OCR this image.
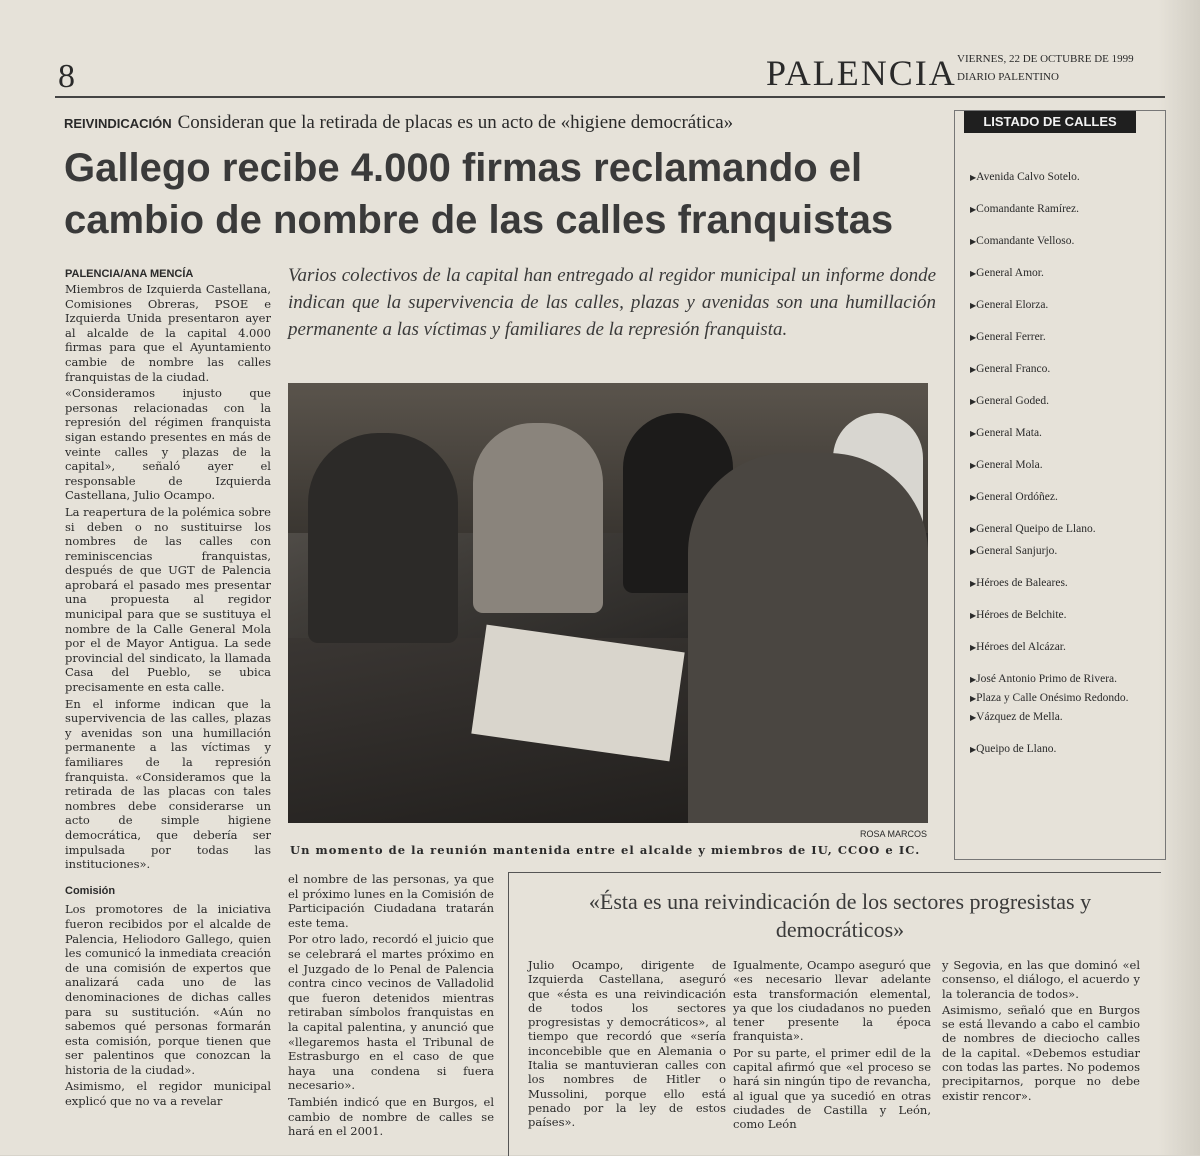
8	PALENCIA VIERNES, 22 DE OCTUBRE DE 1999
DIARIO PALENTINO
REIVINDICACIÓN Consideran que la retirada de placas es un acto de «higiene democrática»
Gallego recibe 4.000 firmas reclamando el cambio de nombre de las calles franquistas
PALENCIA/ANA MENCÍA

Miembros de Izquierda Castellana, Comisiones Obreras, PSOE e Izquierda Unida presentaron ayer al alcalde de la capital 4.000 firmas para que el Ayuntamiento cambie de nombre las calles franquistas de la ciudad.

«Consideramos injusto que personas relacionadas con la represión del régimen franquista sigan estando presentes en más de veinte calles y plazas de la capital», señaló ayer el responsable de Izquierda Castellana, Julio Ocampo.

La reapertura de la polémica sobre si deben o no sustituirse los nombres de las calles con reminiscencias franquistas, después de que UGT de Palencia aprobará el pasado mes presentar una propuesta al regidor municipal para que se sustituya el nombre de la Calle General Mola por el de Mayor Antigua. La sede provincial del sindicato, la llamada Casa del Pueblo, se ubica precisamente en esta calle.

En el informe indican que la supervivencia de las calles, plazas y avenidas son una humillación permanente a las víctimas y familiares de la represión franquista. «Consideramos que la retirada de las placas con tales nombres debe considerarse un acto de simple higiene democrática, que debería ser impulsada por todas las instituciones».

Comisión

Los promotores de la iniciativa fueron recibidos por el alcalde de Palencia, Heliodoro Gallego, quien les comunicó la inmediata creación de una comisión de expertos que analizará cada uno de las denominaciones de dichas calles para su sustitución. «Aún no sabemos qué personas formarán esta comisión, porque tienen que ser palentinos que conozcan la historia de la ciudad».

Asimismo, el regidor municipal explicó que no va a revelar

Varios colectivos de la capital han entregado al regidor municipal un informe donde indican que la supervivencia de las calles, plazas y avenidas son una humillación permanente a las víctimas y familiares de la represión franquista.
ROSA MARCOS
Un momento de la reunión mantenida entre el alcalde y miembros de IU, CCOO e IC.

el nombre de las personas, ya que el próximo lunes en la Comisión de Participación Ciudadana tratarán este tema.

Por otro lado, recordó el juicio que se celebrará el martes próximo en el Juzgado de lo Penal de Palencia contra cinco vecinos de Valladolid que fueron detenidos mientras retiraban símbolos franquistas en la capital palentina, y anunció que «llegaremos hasta el Tribunal de Estrasburgo en el caso de que haya una condena si fuera necesario».

También indicó que en Burgos, el cambio de nombre de calles se hará en el 2001.

LISTADO DE CALLES
▶Avenida Calvo Sotelo.
▶Comandante Ramírez.
▶Comandante Velloso.
▶General Amor.
▶General Elorza.
▶General Ferrer.
▶General Franco.
▶General Goded.
▶General Mata.
▶General Mola.
▶General Ordóñez.
▶General Queipo de Llano.
▶General Sanjurjo.
▶Héroes de Baleares.
▶Héroes de Belchite.
▶Héroes del Alcázar.
▶José Antonio Primo de Rivera.
▶Plaza y Calle Onésimo Redondo.
▶Vázquez de Mella.
▶Queipo de Llano.
«Ésta es una reivindicación de los sectores progresistas y democráticos»

Julio Ocampo, dirigente de Izquierda Castellana, aseguró que «ésta es una reivindicación de todos los sectores progresistas y democráticos», al tiempo que recordó que «sería inconcebible que en Alemania o Italia se mantuvieran calles con los nombres de Hitler o Mussolini, porque ello está penado por la ley de estos países».

Igualmente, Ocampo aseguró que «es necesario llevar adelante esta transformación elemental, ya que los ciudadanos no pueden tener presente la época franquista».

Por su parte, el primer edil de la capital afirmó que «el proceso se hará sin ningún tipo de revancha, al igual que ya sucedió en otras ciudades de Castilla y León, como León

y Segovia, en las que dominó «el consenso, el diálogo, el acuerdo y la tolerancia de todos».

Asimismo, señaló que en Burgos se está llevando a cabo el cambio de nombres de dieciocho calles de la capital. «Debemos estudiar con todas las partes. No podemos precipitarnos, porque no debe existir rencor».
